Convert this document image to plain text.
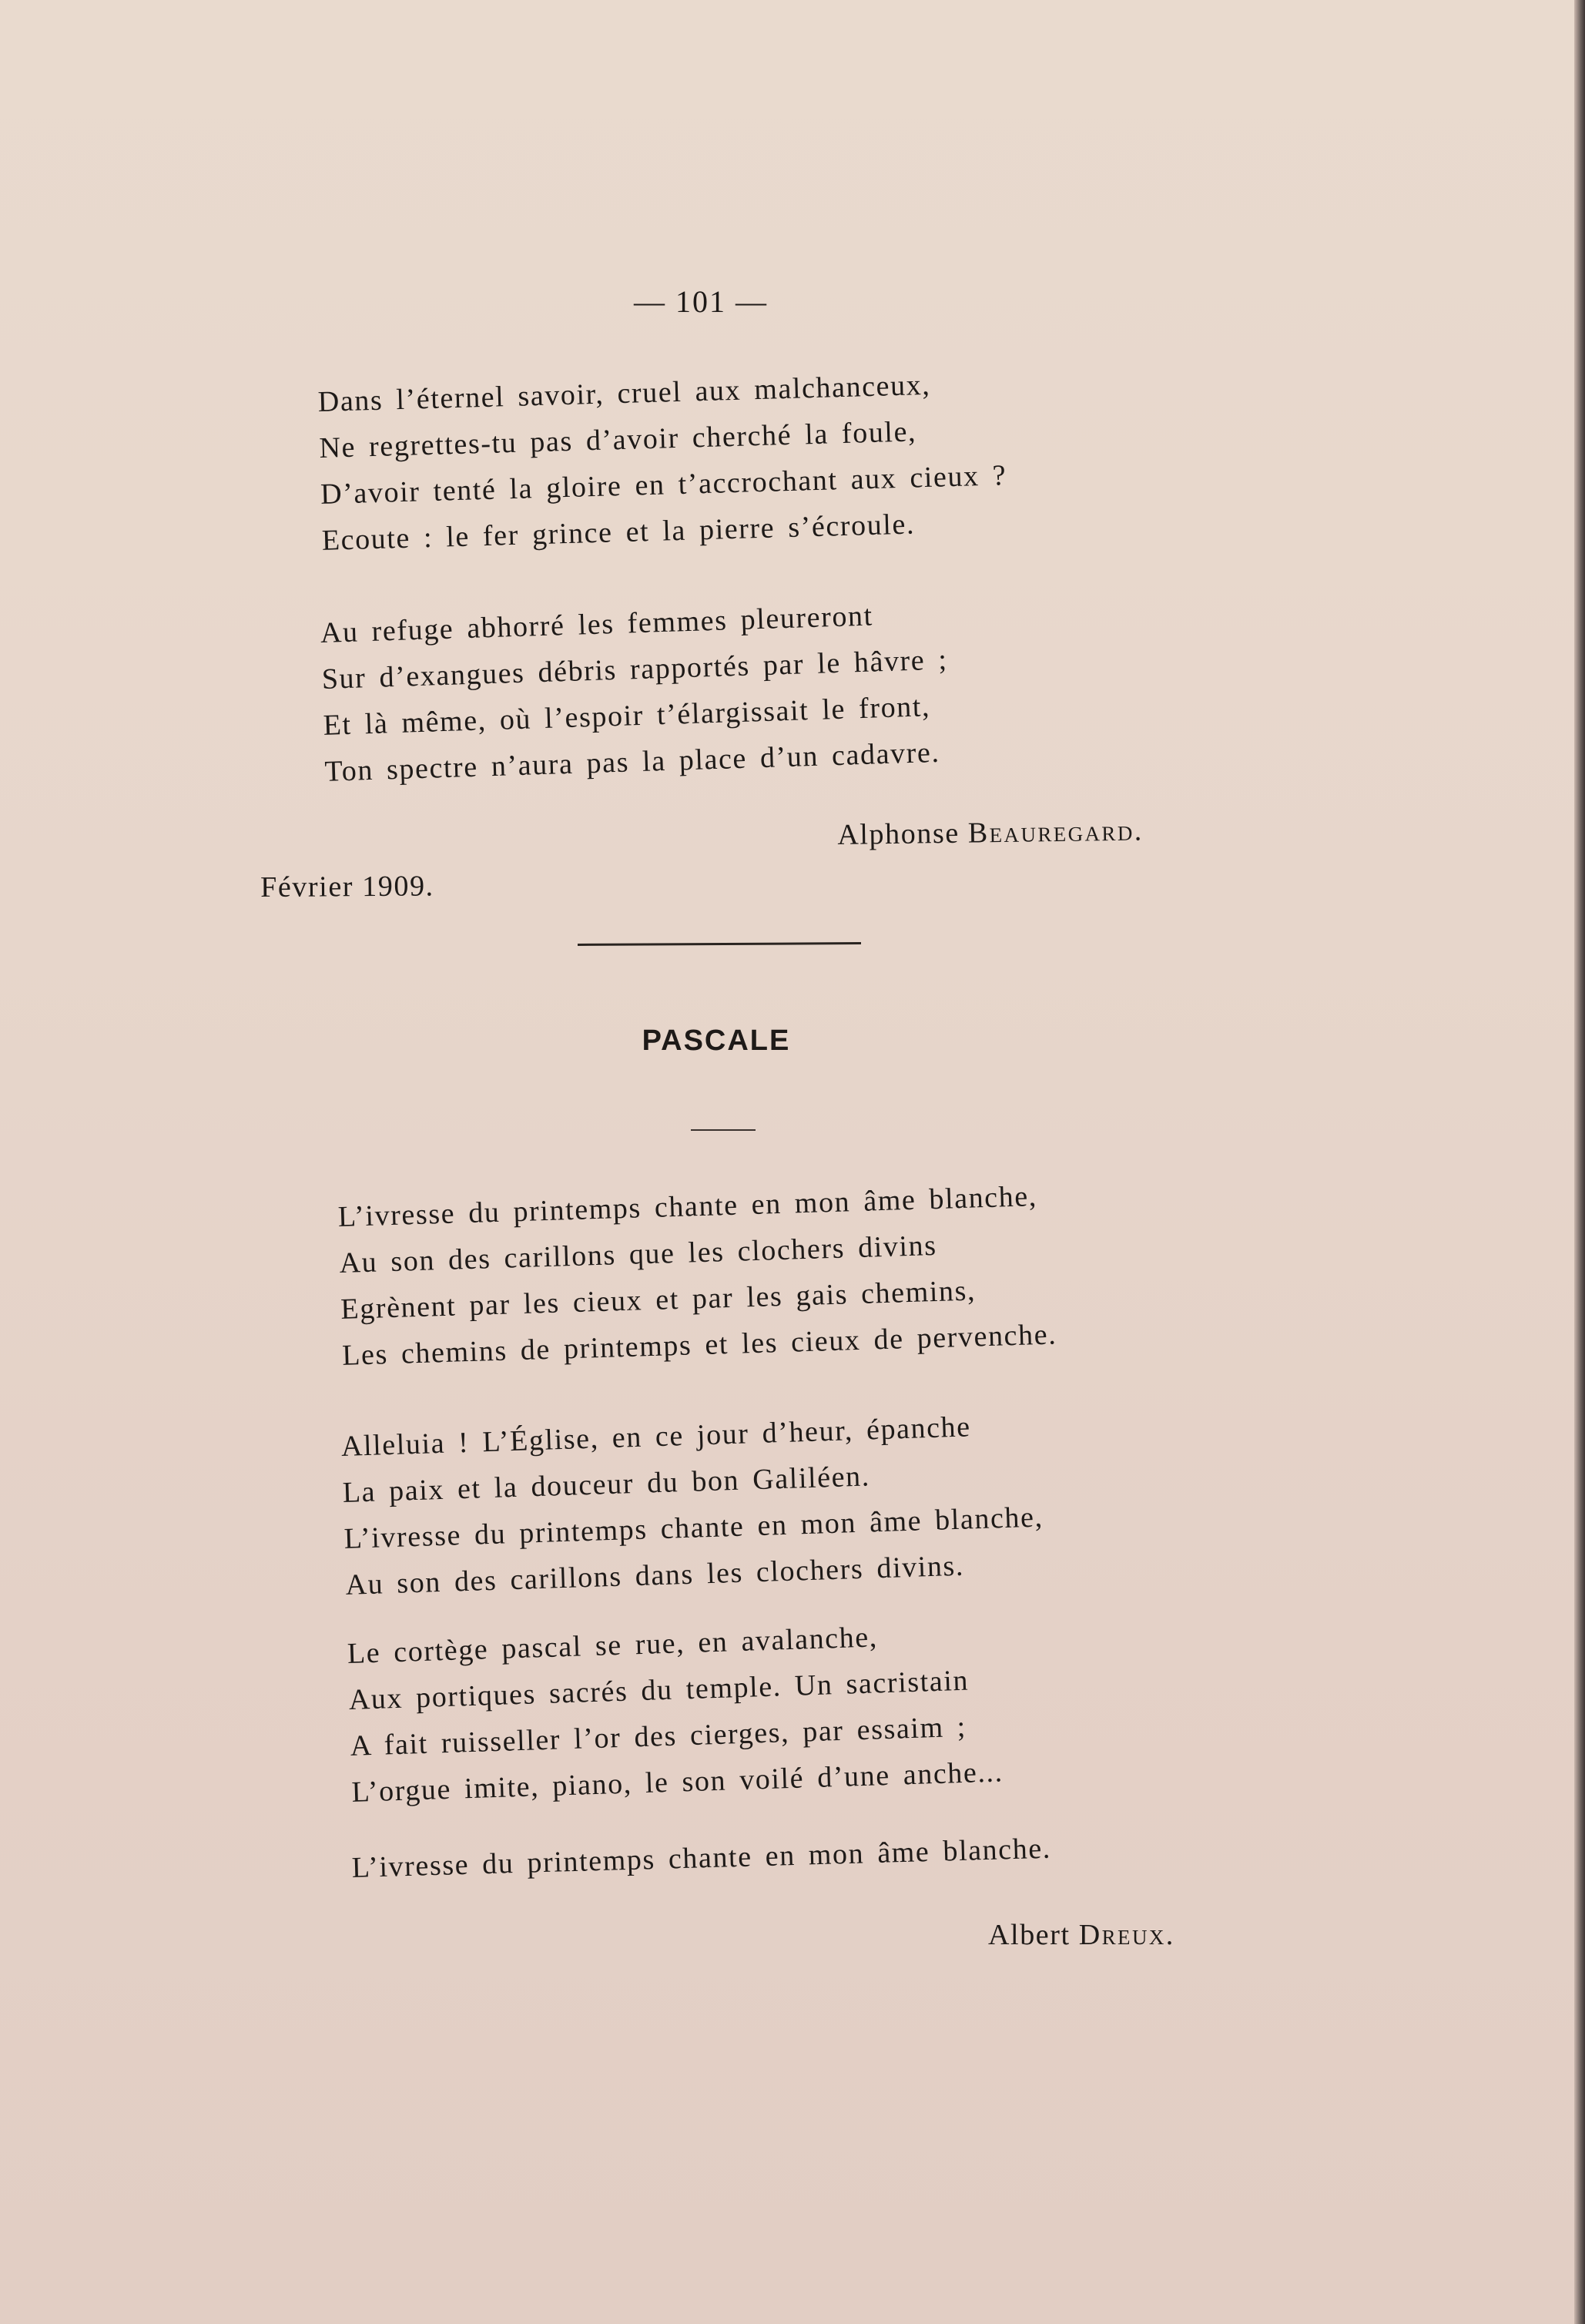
— 101 —
Dans l’éternel savoir, cruel aux malchanceux,
Ne regrettes-tu pas d’avoir cherché la foule,
D’avoir tenté la gloire en t’accrochant aux cieux ?
Ecoute : le fer grince et la pierre s’écroule.
Au refuge abhorré les femmes pleureront
Sur d’exangues débris rapportés par le hâvre ;
Et là même, où l’espoir t’élargissait le front,
Ton spectre n’aura pas la place d’un cadavre.
Alphonse Beauregard.
Février 1909.
PASCALE
L’ivresse du printemps chante en mon âme blanche,
Au son des carillons que les clochers divins
Egrènent par les cieux et par les gais chemins,
Les chemins de printemps et les cieux de pervenche.
Alleluia ! L’Église, en ce jour d’heur, épanche
La paix et la douceur du bon Galiléen.
L’ivresse du printemps chante en mon âme blanche,
Au son des carillons dans les clochers divins.
Le cortège pascal se rue, en avalanche,
Aux portiques sacrés du temple. Un sacristain
A fait ruisseller l’or des cierges, par essaim ;
L’orgue imite, piano, le son voilé d’une anche...
L’ivresse du printemps chante en mon âme blanche.
Albert Dreux.
